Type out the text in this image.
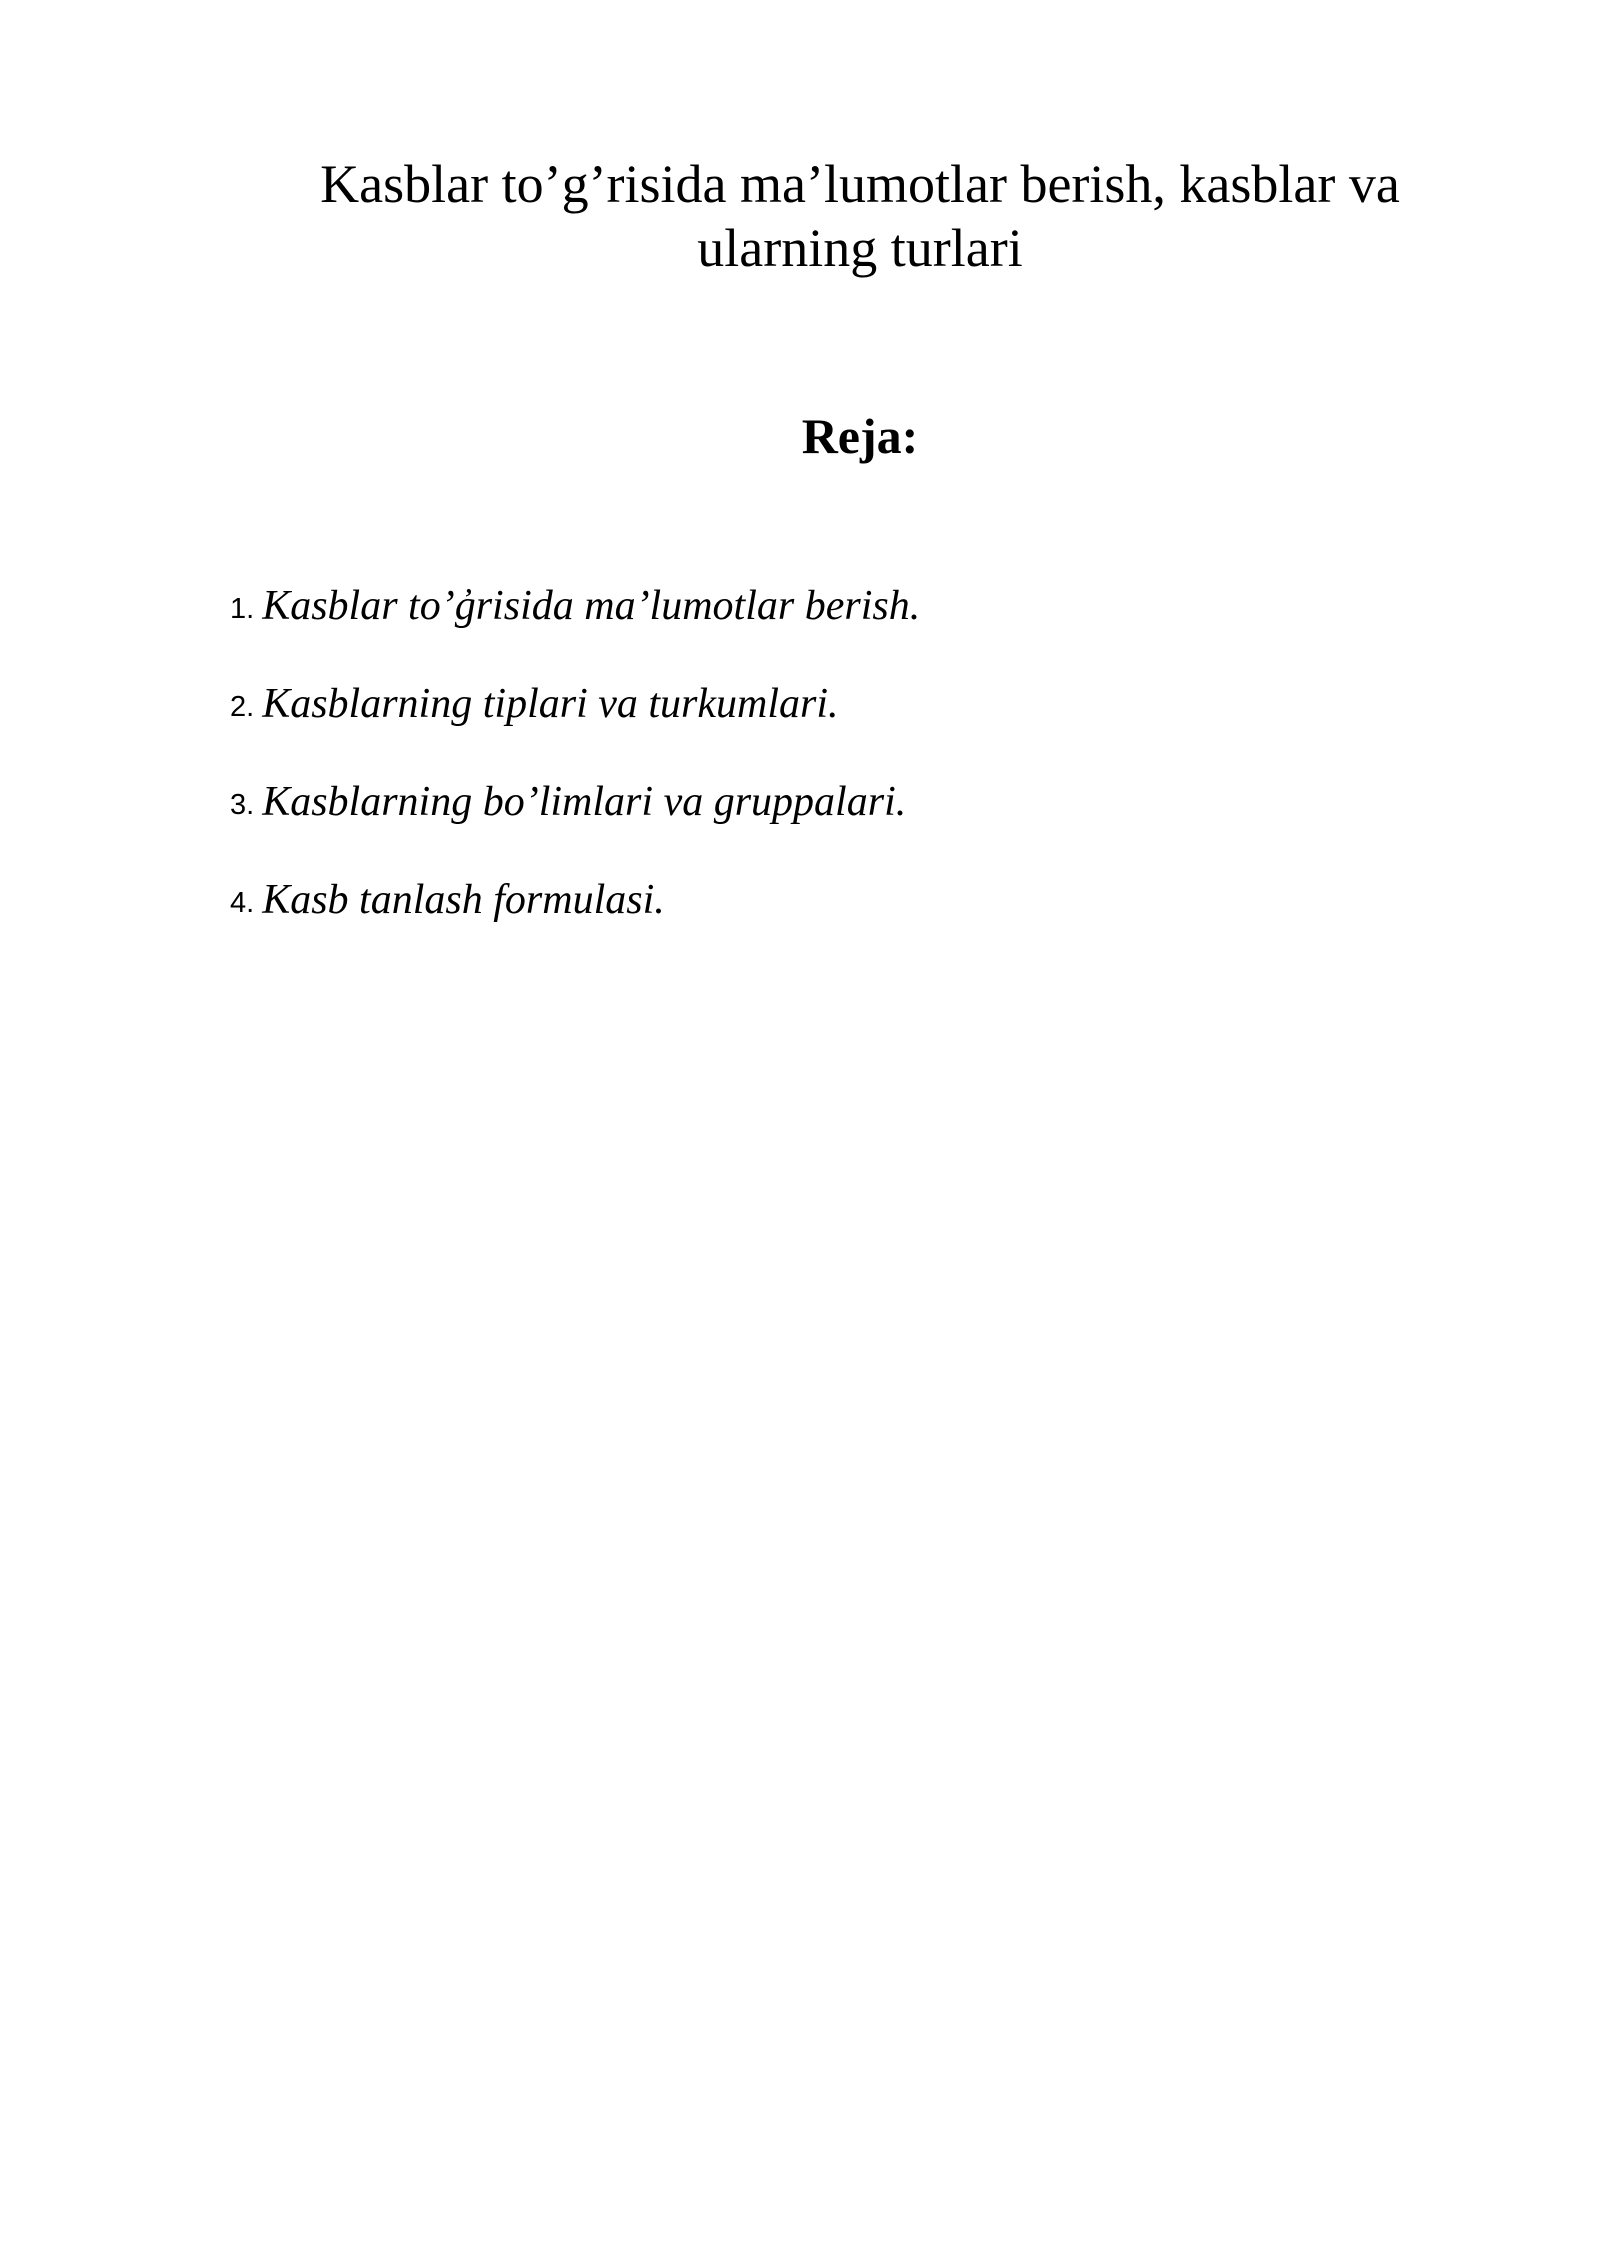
Kasblar to’g’risida ma’lumotlar berish, kasblar va
ularning turlari
Reja:
1. Kasblar to’g̓risida ma’lumotlar berish.
2. Kasblarning tiplari va turkumlari.
3. Kasblarning bo’limlari va gruppalari.
4. Kasb tanlash formulasi.
